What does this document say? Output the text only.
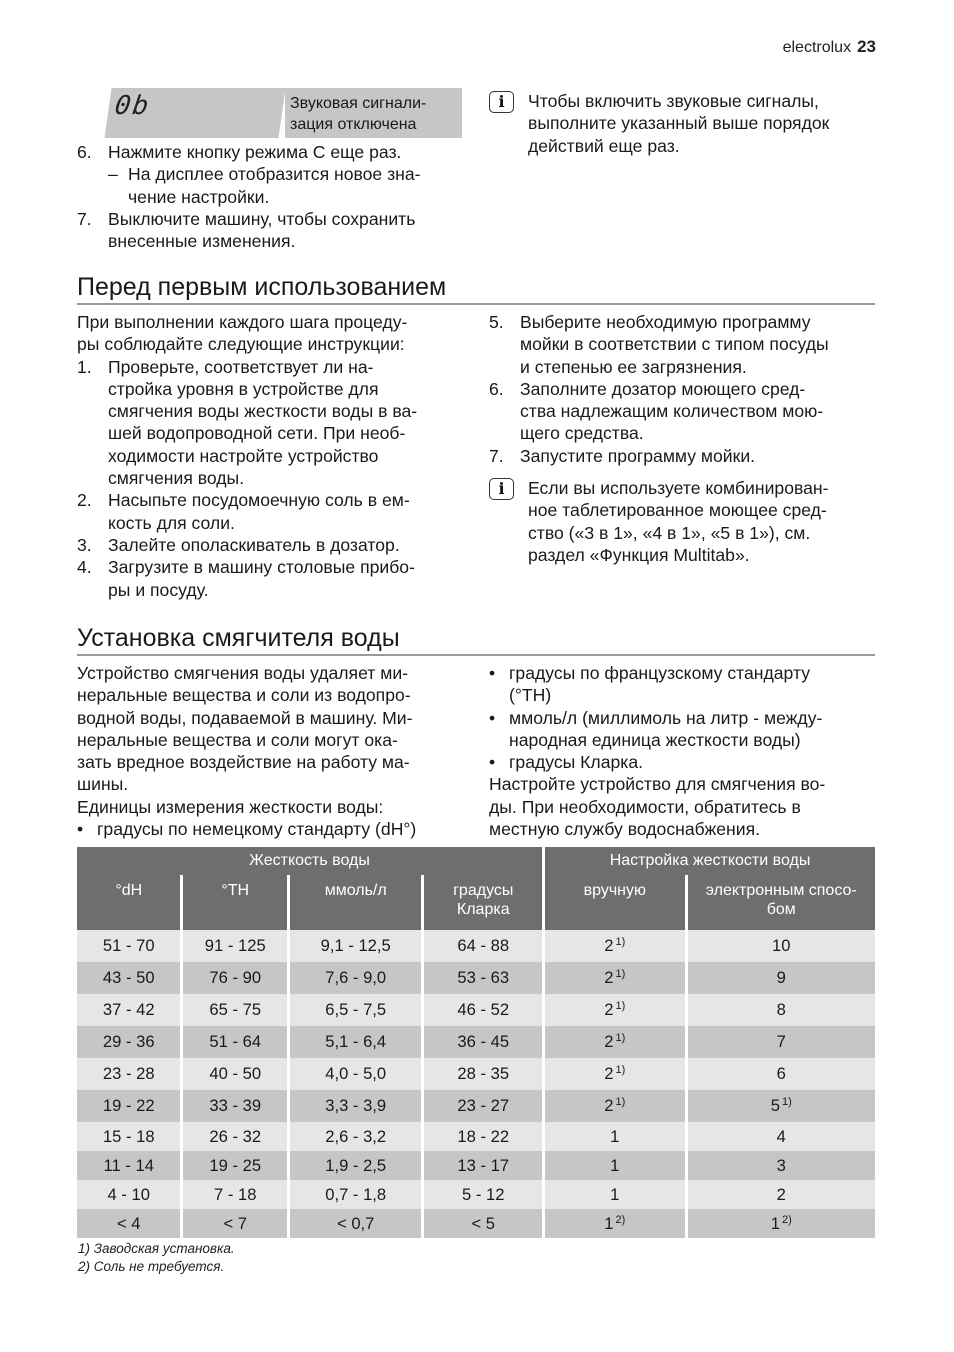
electrolux 23
0b	Звуковая сигнали-
зация отключена
6. Нажмите кнопку режима C еще раз.
– На дисплее отобразится новое зна-
чение настройки.
7. Выключите машину, чтобы сохранить
внесенные изменения.
i	Чтобы включить звуковые сигналы,
выполните указанный выше порядок
действий еще раз.
Перед первым использованием
При выполнении каждого шага процеду-
ры соблюдайте следующие инструкции:
1. Проверьте, соответствует ли на-
стройка уровня в устройстве для
смягчения воды жесткости воды в ва-
шей водопроводной сети. При необ-
ходимости настройте устройство
смягчения воды.
2. Насыпьте посудомоечную соль в ем-
кость для соли.
3. Залейте ополаскиватель в дозатор.
4. Загрузите в машину столовые прибо-
ры и посуду.
5. Выберите необходимую программу
мойки в соответствии с типом посуды
и степенью ее загрязнения.
6. Заполните дозатор моющего сред-
ства надлежащим количеством мою-
щего средства.
7. Запустите программу мойки.
i	Если вы используете комбинирован-
ное таблетированное моющее сред-
ство («3 в 1», «4 в 1», «5 в 1»), см.
раздел «Функция Multitab».
Установка смягчителя воды
Устройство смягчения воды удаляет ми-
неральные вещества и соли из водопро-
водной воды, подаваемой в машину. Ми-
неральные вещества и соли могут ока-
зать вредное воздействие на работу ма-
шины.
Единицы измерения жесткости воды:
• градусы по немецкому стандарту (dH°)
• градусы по французскому стандарту
(°TH)
• ммоль/л (миллимоль на литр - между-
народная единица жесткости воды)
• градусы Кларка.
Настройте устройство для смягчения во-
ды. При необходимости, обратитесь в
местную службу водоснабжения.
Жесткость воды				Настройка жесткости воды	
°dH	°TH	ммоль/л	градусы
Кларка	вручную	электронным спосо-
бом
51 - 70	91 - 125	9,1 - 12,5	64 - 88	2 $^{1)}$	10
43 - 50	76 - 90	7,6 - 9,0	53 - 63	2 $^{1)}$	9
37 - 42	65 - 75	6,5 - 7,5	46 - 52	2 $^{1)}$	8
29 - 36	51 - 64	5,1 - 6,4	36 - 45	2 $^{1)}$	7
23 - 28	40 - 50	4,0 - 5,0	28 - 35	2 $^{1)}$	6
19 - 22	33 - 39	3,3 - 3,9	23 - 27	2 $^{1)}$	5 $^{1)}$
15 - 18	26 - 32	2,6 - 3,2	18 - 22	1	4
11 - 14	19 - 25	1,9 - 2,5	13 - 17	1	3
4 - 10	7 - 18	0,7 - 1,8	5 - 12	1	2
< 4	< 7	< 0,7	< 5	1 $^{2)}$	1 $^{2)}$
1) Заводская установка.
2) Соль не требуется.
